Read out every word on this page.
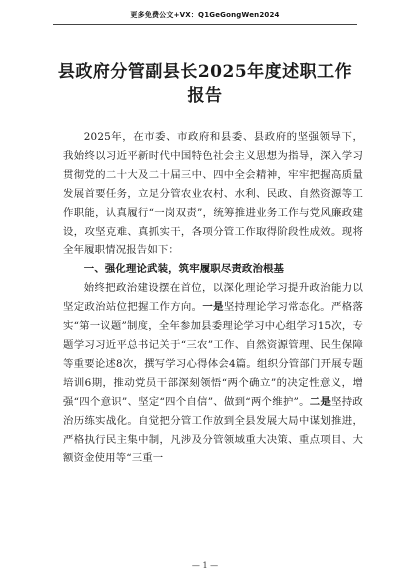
更多免费公文+VX：Q1GeGongWen2024
县政府分管副县长2025年度述职工作报告

2025年，在市委、市政府和县委、县政府的坚强领导下，我始终以习近平新时代中国特色社会主义思想为指导，深入学习贯彻党的二十大及二十届三中、四中全会精神，牢牢把握高质量发展首要任务，立足分管农业农村、水利、民政、自然资源等工作职能，认真履行“一岗双责”，统筹推进业务工作与党风廉政建设，攻坚克难、真抓实干，各项分管工作取得阶段性成效。现将全年履职情况报告如下：

一、强化理论武装，筑牢履职尽责政治根基

始终把政治建设摆在首位，以深化理论学习提升政治能力以坚定政治站位把握工作方向。一是坚持理论学习常态化。严格落实“第一议题”制度，全年参加县委理论学习中心组学习15次，专题学习习近平总书记关于“三农”工作、自然资源管理、民生保障等重要论述8次，撰写学习心得体会4篇。组织分管部门开展专题培训6期，推动党员干部深刻领悟“两个确立”的决定性意义，增强“四个意识”、坚定“四个自信”、做到“两个维护”。二是坚持政治历练实战化。自觉把分管工作放到全县发展大局中谋划推进，严格执行民主集中制，凡涉及分管领域重大决策、重点项目、大额资金使用等“三重一

— 1 —
